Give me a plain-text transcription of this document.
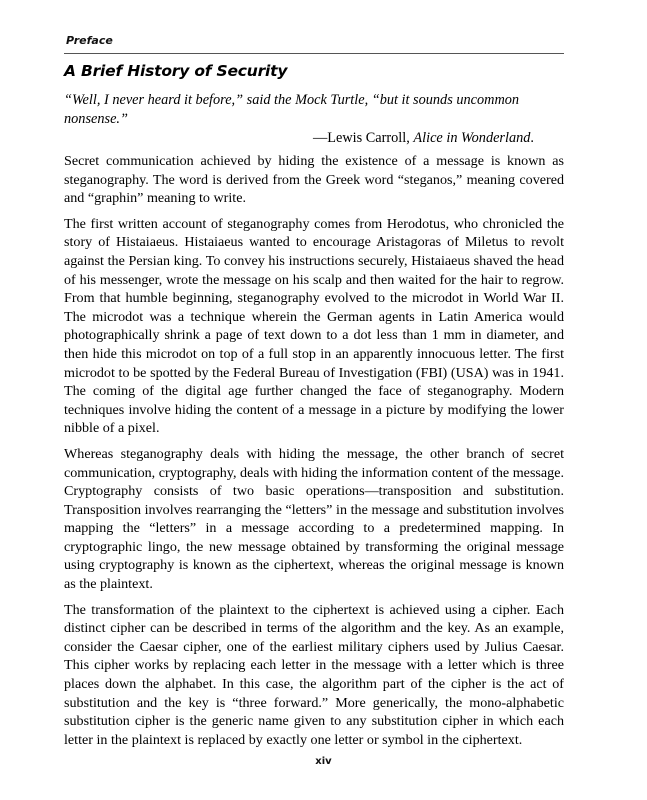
Preface
A Brief History of Security

“Well, I never heard it before,” said the Mock Turtle, “but it sounds uncommon nonsense.”

—Lewis Carroll, Alice in Wonderland.

Secret communication achieved by hiding the existence of a message is known as steganography. The word is derived from the Greek word “steganos,” meaning covered and “graphin” meaning to write.

The first written account of steganography comes from Herodotus, who chronicled the story of Histaiaeus. Histaiaeus wanted to encourage Aristagoras of Miletus to revolt against the Persian king. To convey his instructions securely, Histaiaeus shaved the head of his messenger, wrote the message on his scalp and then waited for the hair to regrow. From that humble beginning, steganography evolved to the microdot in World War II. The microdot was a technique wherein the German agents in Latin America would photographically shrink a page of text down to a dot less than 1 mm in diameter, and then hide this microdot on top of a full stop in an apparently innocuous letter. The first microdot to be spotted by the Federal Bureau of Investigation (FBI) (USA) was in 1941. The coming of the digital age further changed the face of steganography. Modern techniques involve hiding the content of a message in a picture by modifying the lower nibble of a pixel.

Whereas steganography deals with hiding the message, the other branch of secret communication, cryptography, deals with hiding the information content of the message. Cryptography consists of two basic operations—transposition and substitution. Transposition involves rearranging the “letters” in the message and substitution involves mapping the “letters” in a message according to a predetermined mapping. In cryptographic lingo, the new message obtained by transforming the original message using cryptography is known as the ciphertext, whereas the original message is known as the plaintext.

The transformation of the plaintext to the ciphertext is achieved using a cipher. Each distinct cipher can be described in terms of the algorithm and the key. As an example, consider the Caesar cipher, one of the earliest military ciphers used by Julius Caesar. This cipher works by replacing each letter in the message with a letter which is three places down the alphabet. In this case, the algorithm part of the cipher is the act of substitution and the key is “three forward.” More generically, the mono-alphabetic substitution cipher is the generic name given to any substitution cipher in which each letter in the plaintext is replaced by exactly one letter or symbol in the ciphertext.

xiv
